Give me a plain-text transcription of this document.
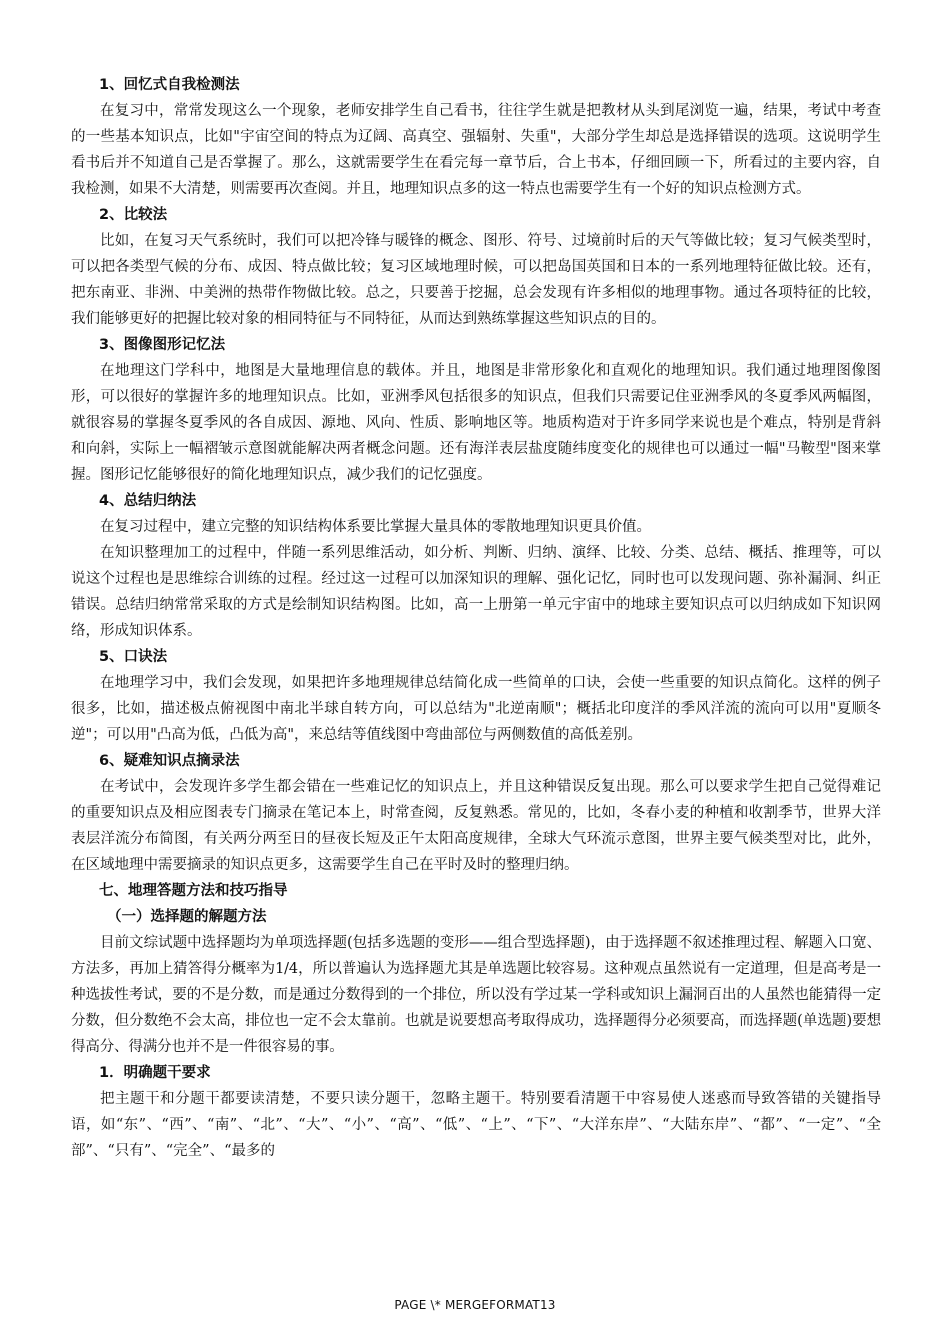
1、回忆式自我检测法

在复习中，常常发现这么一个现象，老师安排学生自己看书，往往学生就是把教材从头到尾浏览一遍，结果，考试中考查的一些基本知识点，比如"宇宙空间的特点为辽阔、高真空、强辐射、失重"，大部分学生却总是选择错误的选项。这说明学生看书后并不知道自己是否掌握了。那么，这就需要学生在看完每一章节后，合上书本，仔细回顾一下，所看过的主要内容，自我检测，如果不大清楚，则需要再次查阅。并且，地理知识点多的这一特点也需要学生有一个好的知识点检测方式。

2、比较法

比如，在复习天气系统时，我们可以把冷锋与暖锋的概念、图形、符号、过境前时后的天气等做比较；复习气候类型时，可以把各类型气候的分布、成因、特点做比较；复习区域地理时候，可以把岛国英国和日本的一系列地理特征做比较。还有，把东南亚、非洲、中美洲的热带作物做比较。总之，只要善于挖掘，总会发现有许多相似的地理事物。通过各项特征的比较，我们能够更好的把握比较对象的相同特征与不同特征，从而达到熟练掌握这些知识点的目的。

3、图像图形记忆法

在地理这门学科中，地图是大量地理信息的载体。并且，地图是非常形象化和直观化的地理知识。我们通过地理图像图形，可以很好的掌握许多的地理知识点。比如，亚洲季风包括很多的知识点，但我们只需要记住亚洲季风的冬夏季风两幅图，就很容易的掌握冬夏季风的各自成因、源地、风向、性质、影响地区等。地质构造对于许多同学来说也是个难点，特别是背斜和向斜，实际上一幅褶皱示意图就能解决两者概念问题。还有海洋表层盐度随纬度变化的规律也可以通过一幅"马鞍型"图来掌握。图形记忆能够很好的简化地理知识点，减少我们的记忆强度。

4、总结归纳法

在复习过程中，建立完整的知识结构体系要比掌握大量具体的零散地理知识更具价值。

在知识整理加工的过程中，伴随一系列思维活动，如分析、判断、归纳、演绎、比较、分类、总结、概括、推理等，可以说这个过程也是思维综合训练的过程。经过这一过程可以加深知识的理解、强化记忆，同时也可以发现问题、弥补漏洞、纠正错误。总结归纳常常采取的方式是绘制知识结构图。比如，高一上册第一单元宇宙中的地球主要知识点可以归纳成如下知识网络，形成知识体系。

5、口诀法

在地理学习中，我们会发现，如果把许多地理规律总结简化成一些简单的口诀，会使一些重要的知识点简化。这样的例子很多，比如，描述极点俯视图中南北半球自转方向，可以总结为"北逆南顺"；概括北印度洋的季风洋流的流向可以用"夏顺冬逆"；可以用"凸高为低，凸低为高"，来总结等值线图中弯曲部位与两侧数值的高低差别。

6、疑难知识点摘录法

在考试中，会发现许多学生都会错在一些难记忆的知识点上，并且这种错误反复出现。那么可以要求学生把自己觉得难记的重要知识点及相应图表专门摘录在笔记本上，时常查阅，反复熟悉。常见的，比如，冬春小麦的种植和收割季节，世界大洋表层洋流分布简图，有关两分两至日的昼夜长短及正午太阳高度规律，全球大气环流示意图，世界主要气候类型对比，此外，在区域地理中需要摘录的知识点更多，这需要学生自己在平时及时的整理归纳。

七、地理答题方法和技巧指导
（一）选择题的解题方法

目前文综试题中选择题均为单项选择题(包括多选题的变形——组合型选择题)，由于选择题不叙述推理过程、解题入口宽、方法多，再加上猜答得分概率为1/4，所以普遍认为选择题尤其是单选题比较容易。这种观点虽然说有一定道理，但是高考是一种选拔性考试，要的不是分数，而是通过分数得到的一个排位，所以没有学过某一学科或知识上漏洞百出的人虽然也能猜得一定分数，但分数绝不会太高，排位也一定不会太靠前。也就是说要想高考取得成功，选择题得分必须要高，而选择题(单选题)要想得高分、得满分也并不是一件很容易的事。

1．明确题干要求

把主题干和分题干都要读清楚，不要只读分题干，忽略主题干。特别要看清题干中容易使人迷惑而导致答错的关键指导语，如“东”、“西”、“南”、“北”、“大”、“小”、“高”、“低”、“上”、“下”、“大洋东岸”、“大陆东岸”、“都”、“一定”、“全部”、“只有”、“完全”、“最多的

PAGE \* MERGEFORMAT13
